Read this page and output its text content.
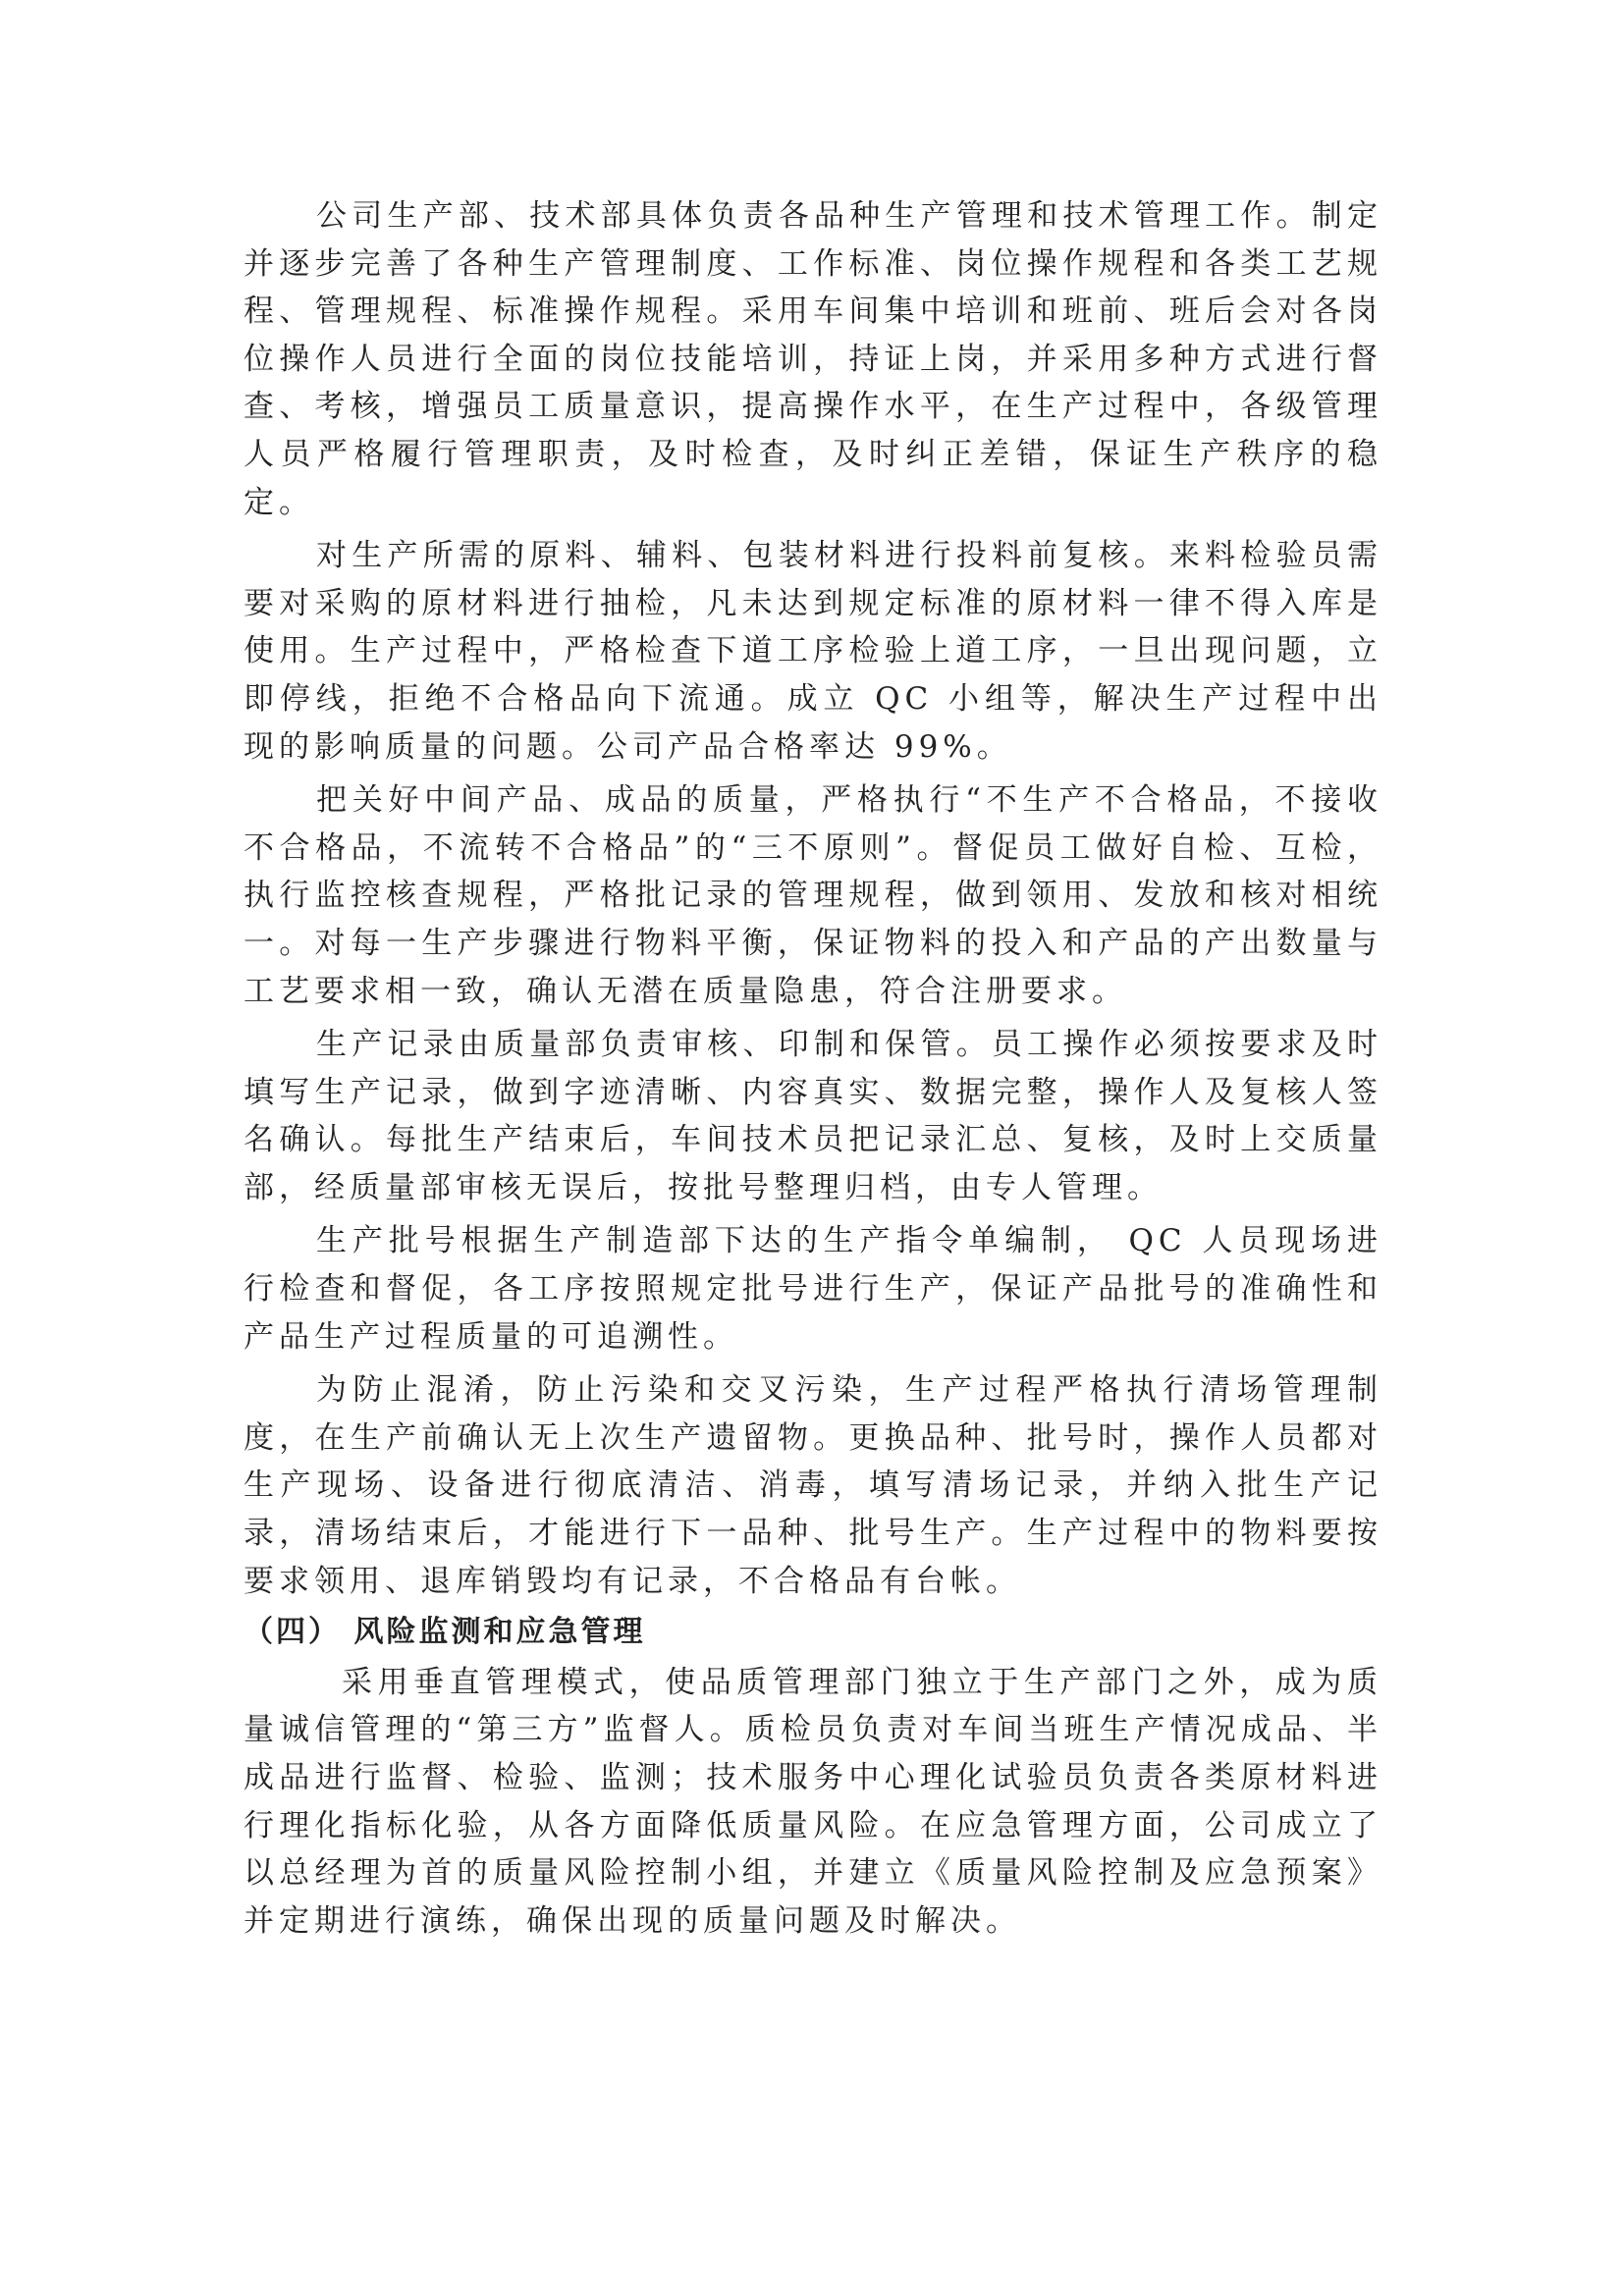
公司生产部、技术部具体负责各品种生产管理和技术管理工作。制定并逐步完善了各种生产管理制度、工作标准、岗位操作规程和各类工艺规程、管理规程、标准操作规程。采用车间集中培训和班前、班后会对各岗位操作人员进行全面的岗位技能培训，持证上岗，并采用多种方式进行督查、考核，增强员工质量意识，提高操作水平，在生产过程中，各级管理人员严格履行管理职责，及时检查，及时纠正差错，保证生产秩序的稳定。

对生产所需的原料、辅料、包装材料进行投料前复核。来料检验员需要对采购的原材料进行抽检，凡未达到规定标准的原材料一律不得入库是使用。生产过程中，严格检查下道工序检验上道工序，一旦出现问题，立即停线，拒绝不合格品向下流通。成立 QC 小组等，解决生产过程中出现的影响质量的问题。公司产品合格率达 99%。

把关好中间产品、成品的质量，严格执行“不生产不合格品，不接收不合格品，不流转不合格品”的“三不原则”。督促员工做好自检、互检，执行监控核查规程，严格批记录的管理规程，做到领用、发放和核对相统一。对每一生产步骤进行物料平衡，保证物料的投入和产品的产出数量与工艺要求相一致，确认无潜在质量隐患，符合注册要求。

生产记录由质量部负责审核、印制和保管。员工操作必须按要求及时填写生产记录，做到字迹清晰、内容真实、数据完整，操作人及复核人签名确认。每批生产结束后，车间技术员把记录汇总、复核，及时上交质量部，经质量部审核无误后，按批号整理归档，由专人管理。

生产批号根据生产制造部下达的生产指令单编制， QC 人员现场进行检查和督促，各工序按照规定批号进行生产，保证产品批号的准确性和产品生产过程质量的可追溯性。

为防止混淆，防止污染和交叉污染，生产过程严格执行清场管理制度，在生产前确认无上次生产遗留物。更换品种、批号时，操作人员都对生产现场、设备进行彻底清洁、消毒，填写清场记录，并纳入批生产记录，清场结束后，才能进行下一品种、批号生产。生产过程中的物料要按要求领用、退库销毁均有记录，不合格品有台帐。

（四） 风险监测和应急管理

采用垂直管理模式，使品质管理部门独立于生产部门之外，成为质量诚信管理的“第三方”监督人。质检员负责对车间当班生产情况成品、半成品进行监督、检验、监测；技术服务中心理化试验员负责各类原材料进行理化指标化验，从各方面降低质量风险。在应急管理方面，公司成立了以总经理为首的质量风险控制小组，并建立《质量风险控制及应急预案》并定期进行演练，确保出现的质量问题及时解决。
